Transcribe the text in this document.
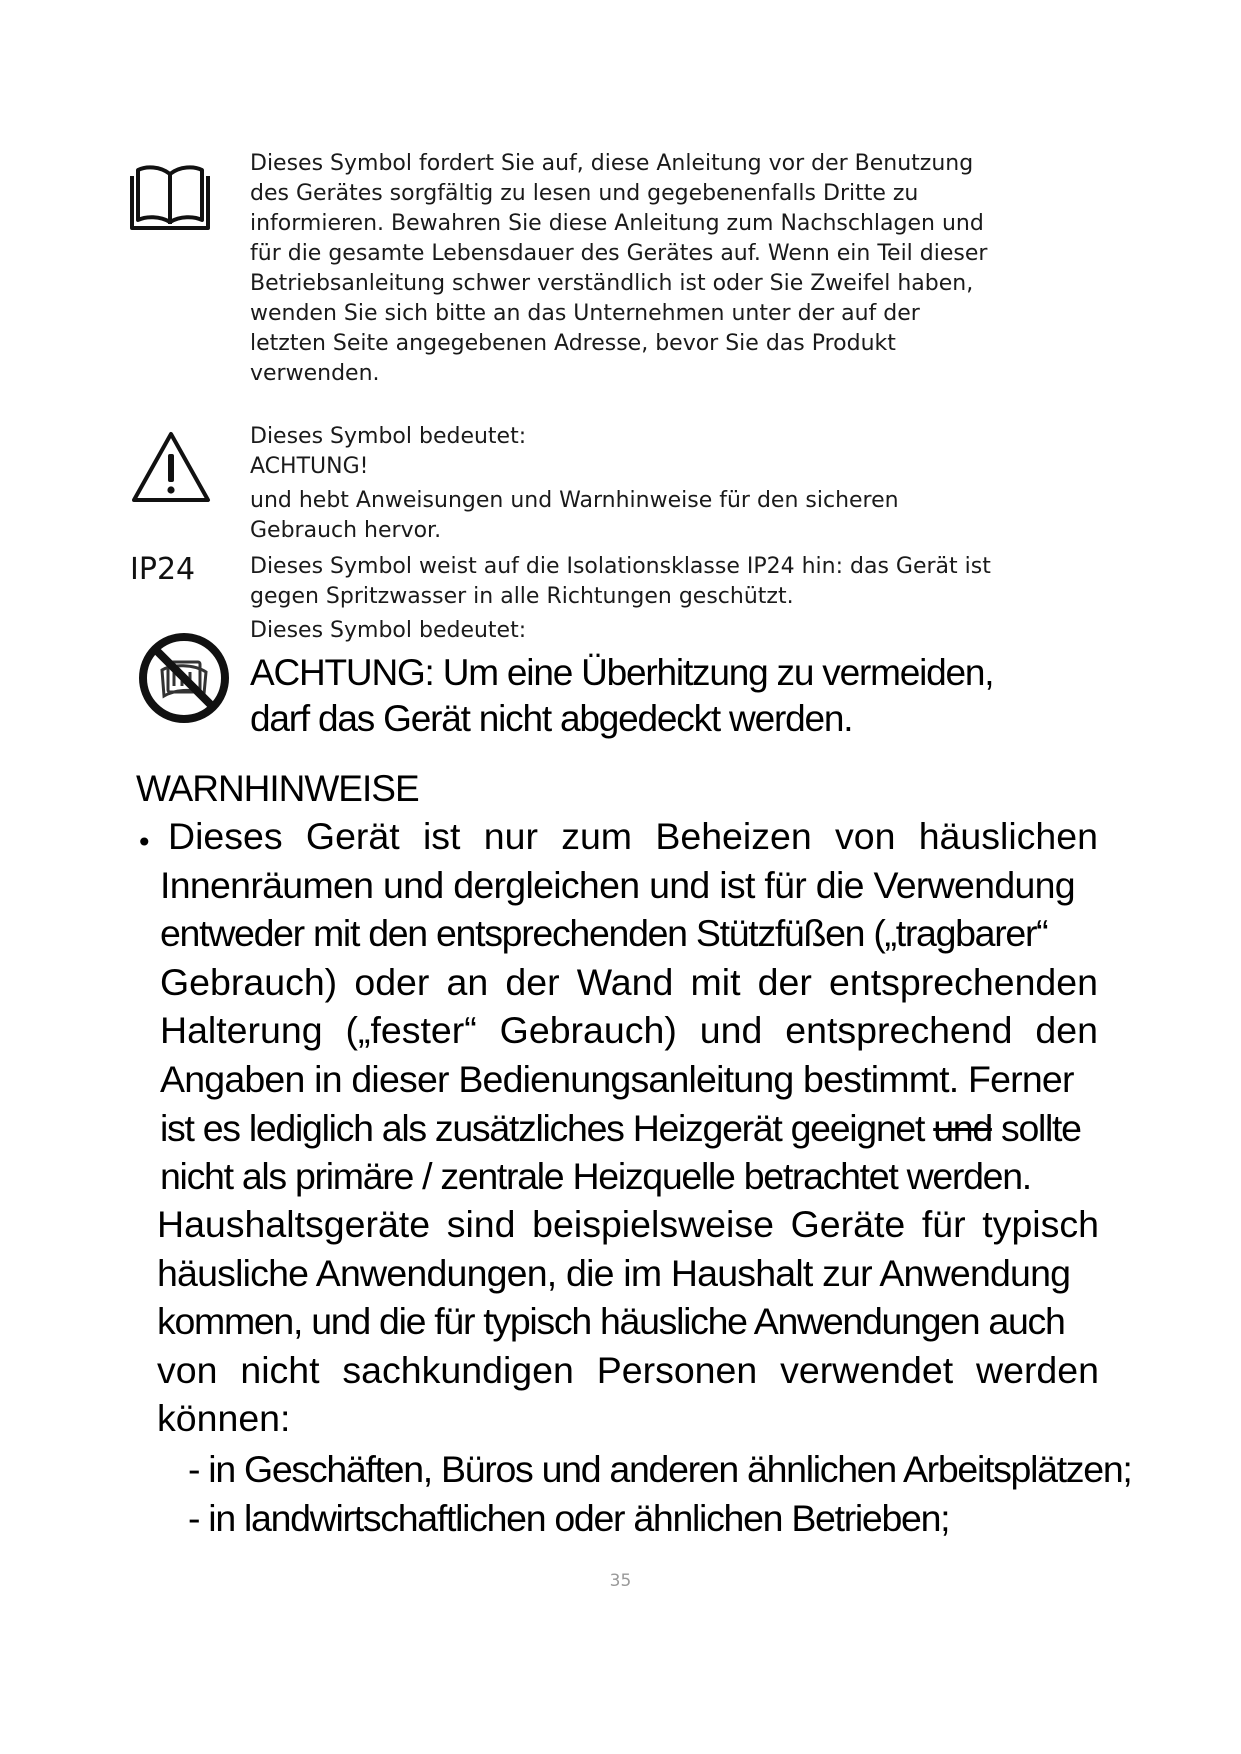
Dieses Symbol fordert Sie auf, diese Anleitung vor der Benutzung

des Gerätes sorgfältig zu lesen und gegebenenfalls Dritte zu

informieren. Bewahren Sie diese Anleitung zum Nachschlagen und

für die gesamte Lebensdauer des Gerätes auf. Wenn ein Teil dieser

Betriebsanleitung schwer verständlich ist oder Sie Zweifel haben,

wenden Sie sich bitte an das Unternehmen unter der auf der

letzten Seite angegebenen Adresse, bevor Sie das Produkt

verwenden.

Dieses Symbol bedeutet:

ACHTUNG!

und hebt Anweisungen und Warnhinweise für den sicheren

Gebrauch hervor.

IP24 Dieses Symbol weist auf die Isolationsklasse IP24 hin: das Gerät ist

gegen Spritzwasser in alle Richtungen geschützt.

Dieses Symbol bedeutet:

ACHTUNG: Um eine Überhitzung zu vermeiden,

darf das Gerät nicht abgedeckt werden.

WARNHINWEISE
• Dieses Gerät ist nur zum Beheizen von häuslichen
Innenräumen und dergleichen und ist für die Verwendung
entweder mit den entsprechenden Stützfüßen („tragbarer“
Gebrauch) oder an der Wand mit der entsprechenden
Halterung („fester“ Gebrauch) und entsprechend den
Angaben in dieser Bedienungsanleitung bestimmt. Ferner
ist es lediglich als zusätzliches Heizgerät geeignet und sollte
nicht als primäre / zentrale Heizquelle betrachtet werden.
Haushaltsgeräte sind beispielsweise Geräte für typisch
häusliche Anwendungen, die im Haushalt zur Anwendung
kommen, und die für typisch häusliche Anwendungen auch
von nicht sachkundigen Personen verwendet werden
können:
- in Geschäften, Büros und anderen ähnlichen Arbeitsplätzen;
- in landwirtschaftlichen oder ähnlichen Betrieben;
35
